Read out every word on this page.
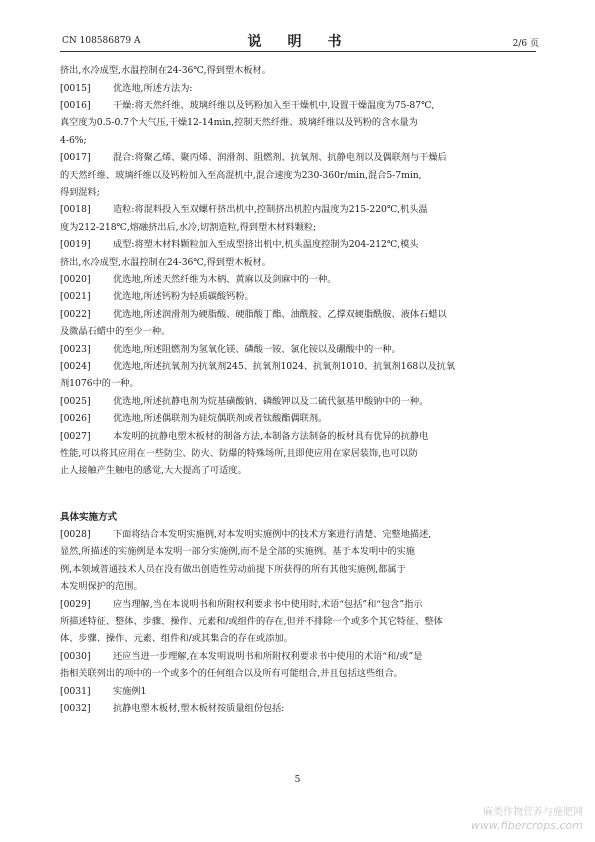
CN 108586879 A	说　明　书	2/6 页
挤出,水冷成型,水温控制在24-36℃,得到塑木板材。
[0015]	优选地,所述方法为:
[0016]	干燥:将天然纤维、玻璃纤维以及钙粉加入至干燥机中,设置干燥温度为75-87℃,
真空度为0.5-0.7个大气压,干燥12-14min,控制天然纤维、玻璃纤维以及钙粉的含水量为
4-6%;
[0017]	混合:将聚乙烯、聚丙烯、润滑剂、阻燃剂、抗氧剂、抗静电剂以及偶联剂与干燥后
的天然纤维、玻璃纤维以及钙粉加入至高混机中,混合速度为230-360r/min,混合5-7min,
得到混料;
[0018]	造粒:将混料投入至双螺杆挤出机中,控制挤出机腔内温度为215-220℃,机头温
度为212-218℃,熔融挤出后,水冷,切割造粒,得到塑木材料颗粒;
[0019]	成型:将塑木材料颗粒加入至成型挤出机中,机头温度控制为204-212℃,模头
挤出,水冷成型,水温控制在24-36℃,得到塑木板材。
[0020]	优选地,所述天然纤维为木柄、黄麻以及剑麻中的一种。
[0021]	优选地,所述钙粉为轻质碳酸钙粉。
[0022]	优选地,所述润滑剂为硬脂酸、硬脂酸丁酯、油酰胺、乙撑双硬脂酰胺、液体石蜡以
及微晶石蜡中的至少一种。
[0023]	优选地,所述阻燃剂为氢氧化镁、磷酸一铵、氯化铵以及硼酸中的一种。
[0024]	优选地,所述抗氧剂为抗氧剂245、抗氧剂1024、抗氧剂1010、抗氧剂168以及抗氧
剂1076中的一种。
[0025]	优选地,所述抗静电剂为烷基磺酸钠、磷酸钾以及二硫代氨基甲酸钠中的一种。
[0026]	优选地,所述偶联剂为硅烷偶联剂或者钛酸酯偶联剂。
[0027]	本发明的抗静电塑木板材的制备方法,本制备方法制备的板材具有优异的抗静电
性能,可以将其应用在一些防尘、防火、防爆的特殊场所,且即使应用在家居装饰,也可以防
止人接触产生触电的感觉,大大提高了可适度。
具体实施方式
[0028]	下面将结合本发明实施例,对本发明实施例中的技术方案进行清楚、完整地描述,
显然,所描述的实施例是本发明一部分实施例,而不是全部的实施例。基于本发明中的实施
例,本领域普通技术人员在没有做出创造性劳动前提下所获得的所有其他实施例,都属于
本发明保护的范围。
[0029]	应当理解,当在本说明书和所附权利要求书中使用时,术语“包括”和“包含”指示
所描述特征、整体、步骤、操作、元素和/或组件的存在,但并不排除一个或多个其它特征、整体
体、步骤、操作、元素、组件和/或其集合的存在或添加。
[0030]	还应当进一步理解,在本发明说明书和所附权利要求书中使用的术语“和/或”是
指相关联列出的项中的一个或多个的任何组合以及所有可能组合,并且包括这些组合。
[0031]	实施例1
[0032]	抗静电塑木板材,塑木板材按质量组份包括:
5
麻类作物营养与施肥网
www.fibercrops.com
